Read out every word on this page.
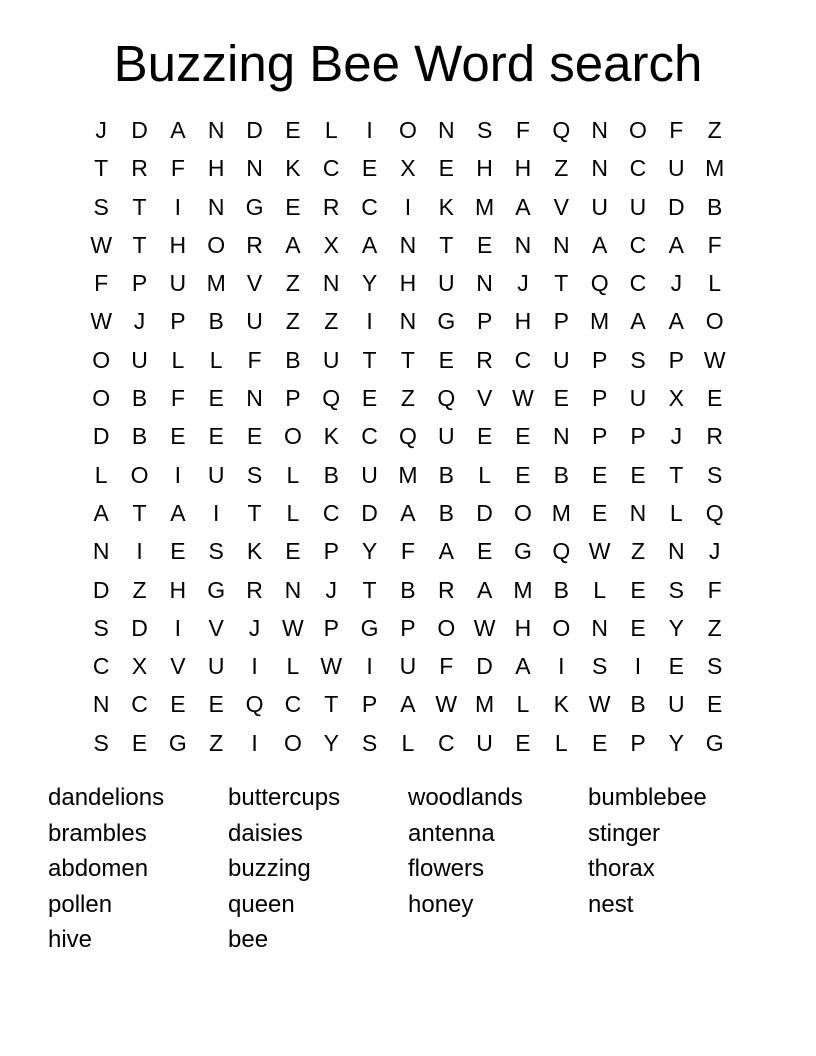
Buzzing Bee Word search
J	D A N D E	L	I	O N S	F Q N O F	Z
T	R	F	H N K C E	X	E H H	Z	N C U M
S	T	I	N G E R C	I	K M A	V U U D B
W T	H O R A	X	A N	T	E N N A C A	F
F	P U M V	Z	N Y H U N	J	T Q C	J	L
W J	P	B U	Z	Z	I	N G P H P M A	A O
O U	L	L	F	B U	T	T	E R C U P	S	P W
O B	F	E N P Q E	Z Q V W E	P U X	E
D B	E	E	E O K C Q U E	E N P	P	J	R
L	O	I	U S	L	B U M B	L	E	B	E	E	T	S
A	T	A	I	T	L	C D A	B D O M E N	L	Q
N	I	E	S	K	E	P	Y	F	A	E G Q W Z	N	J
D	Z	H G R N	J	T	B R A M B	L	E	S	F
S D	I	V	J W P G P O W H O N E	Y	Z
C X	V U	I	L W	I	U	F	D A	I	S	I	E	S
N C E	E Q C	T	P	A W M L	K W B U E
S	E G Z	I	O Y	S	L	C U E	L	E	P	Y G
dandelions	buttercups	woodlands	bumblebee
brambles	daisies	antenna	stinger
abdomen	buzzing	flowers	thorax
pollen	queen	honey	nest
hive	bee
